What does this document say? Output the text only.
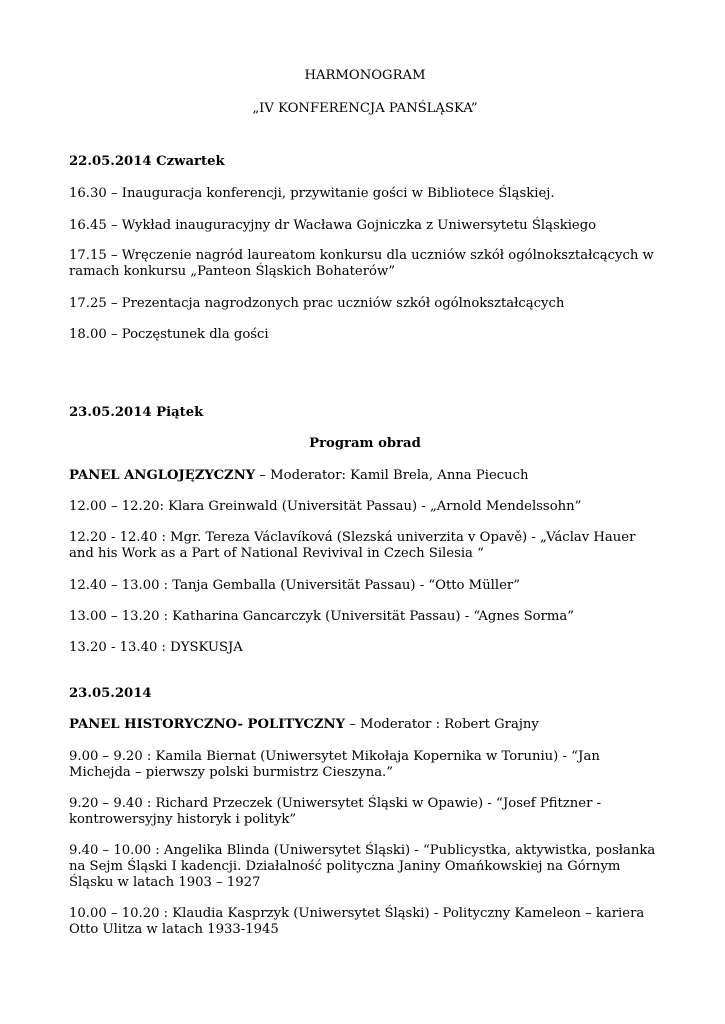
HARMONOGRAM

„IV KONFERENCJA PANŚLĄSKA”

22.05.2014 Czwartek

16.30 – Inauguracja konferencji, przywitanie gości w Bibliotece Śląskiej.

16.45 – Wykład inauguracyjny dr Wacława Gojniczka z Uniwersytetu Śląskiego

17.15 – Wręczenie nagród laureatom konkursu dla uczniów szkół ogólnokształcących w ramach konkursu „Panteon Śląskich Bohaterów”

17.25 – Prezentacja nagrodzonych prac uczniów szkół ogólnokształcących

18.00 – Poczęstunek dla gości

23.05.2014 Piątek

Program obrad

PANEL ANGLOJĘZYCZNY – Moderator: Kamil Brela, Anna Piecuch

12.00 – 12.20: Klara Greinwald (Universität Passau) - „Arnold Mendelssohn”

12.20 - 12.40 : Mgr. Tereza Václavíková (Slezská univerzita v Opavě) - „Václav Hauer and his Work as a Part of National Revivival in Czech Silesia “

12.40 – 13.00 : Tanja Gemballa (Universität Passau) - “Otto Müller”

13.00 – 13.20 : Katharina Gancarczyk (Universität Passau) - “Agnes Sorma”

13.20 - 13.40 : DYSKUSJA

23.05.2014

PANEL HISTORYCZNO- POLITYCZNY – Moderator : Robert Grajny

9.00 – 9.20 : Kamila Biernat (Uniwersytet Mikołaja Kopernika w Toruniu) - “Jan Michejda – pierwszy polski burmistrz Cieszyna.”

9.20 – 9.40 : Richard Przeczek (Uniwersytet Śląski w Opawie) - “Josef Pfitzner - kontrowersyjny historyk i polityk”

9.40 – 10.00 : Angelika Blinda (Uniwersytet Śląski) - “Publicystka, aktywistka, posłanka na Sejm Śląski I kadencji. Działalność polityczna Janiny Omańkowskiej na Górnym Śląsku w latach 1903 – 1927

10.00 – 10.20 : Klaudia Kasprzyk (Uniwersytet Śląski) - Polityczny Kameleon – kariera Otto Ulitza w latach 1933-1945
